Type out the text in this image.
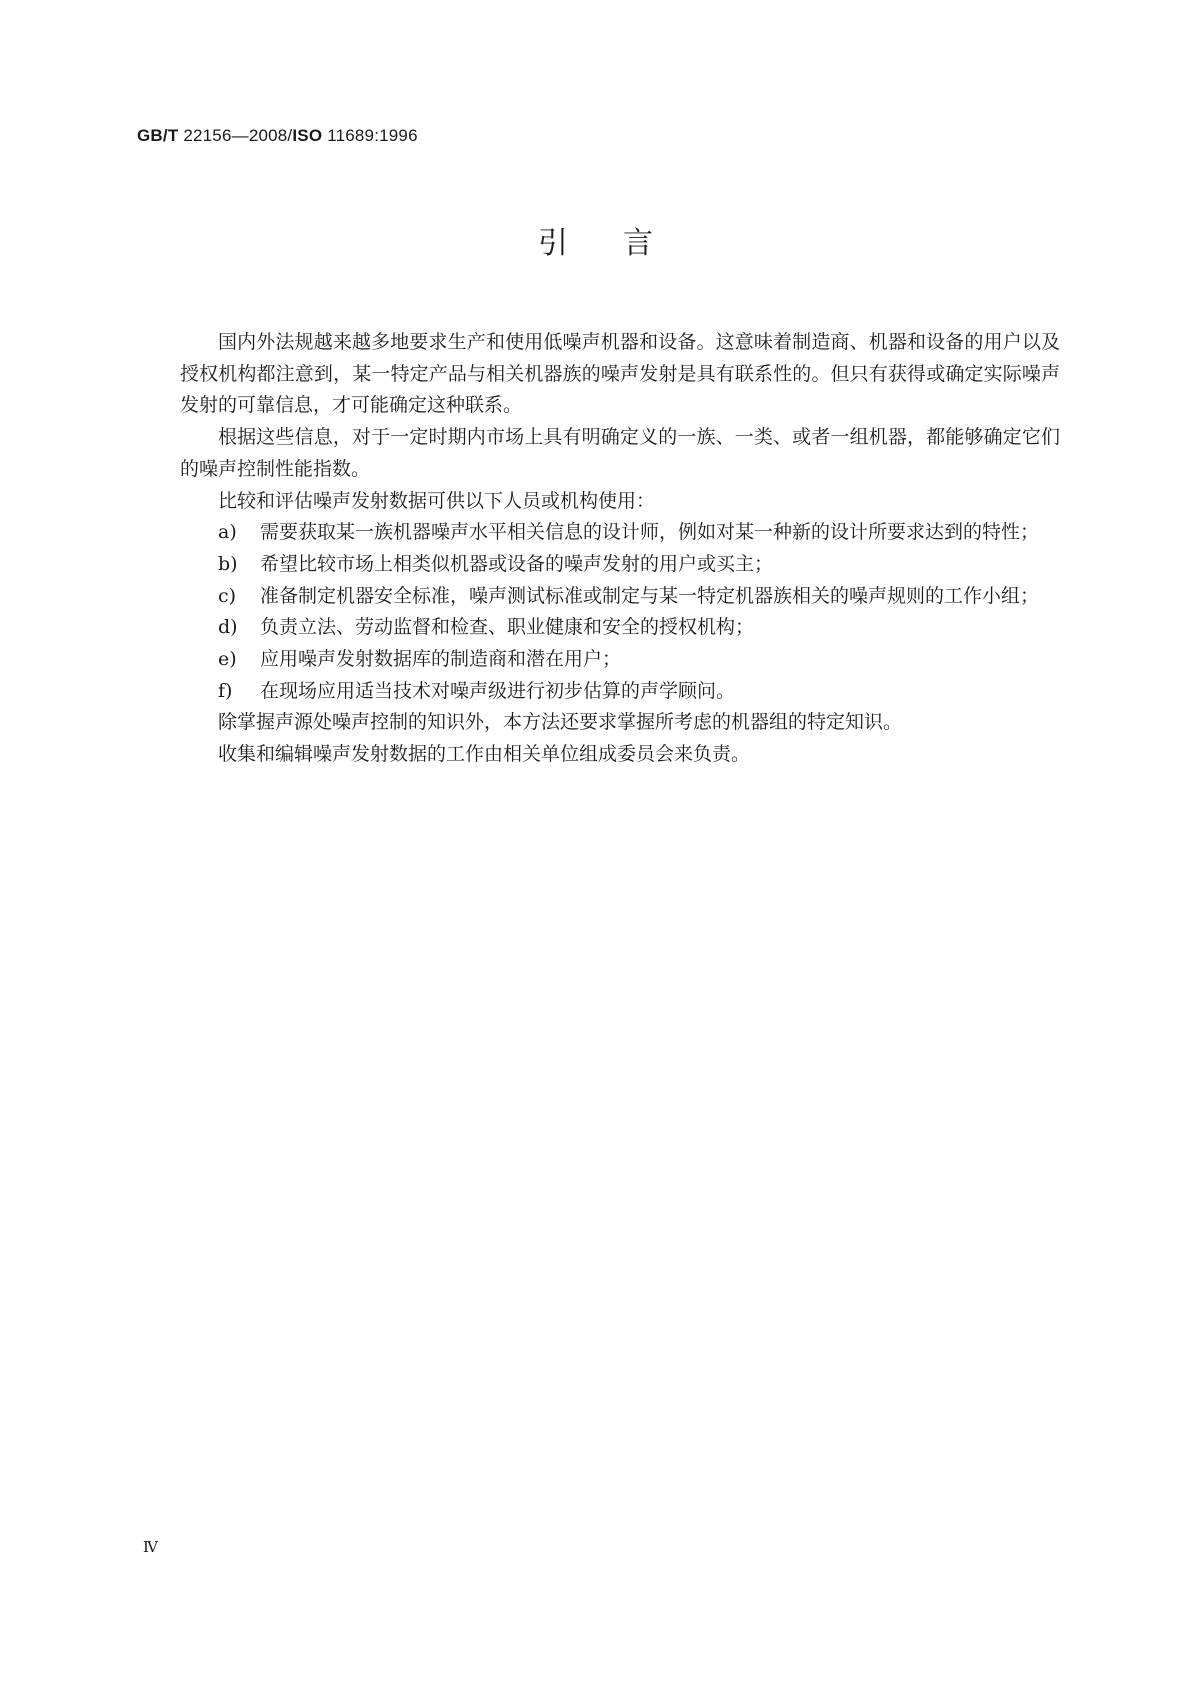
GB/T 22156—2008/ISO 11689:1996
引言

国内外法规越来越多地要求生产和使用低噪声机器和设备。这意味着制造商、机器和设备的用户以及授权机构都注意到，某一特定产品与相关机器族的噪声发射是具有联系性的。但只有获得或确定实际噪声发射的可靠信息，才可能确定这种联系。

根据这些信息，对于一定时期内市场上具有明确定义的一族、一类、或者一组机器，都能够确定它们的噪声控制性能指数。

比较和评估噪声发射数据可供以下人员或机构使用：

a) 需要获取某一族机器噪声水平相关信息的设计师，例如对某一种新的设计所要求达到的特性；
b) 希望比较市场上相类似机器或设备的噪声发射的用户或买主；
c) 准备制定机器安全标准，噪声测试标准或制定与某一特定机器族相关的噪声规则的工作小组；
d) 负责立法、劳动监督和检查、职业健康和安全的授权机构；
e) 应用噪声发射数据库的制造商和潜在用户；
f) 在现场应用适当技术对噪声级进行初步估算的声学顾问。

除掌握声源处噪声控制的知识外，本方法还要求掌握所考虑的机器组的特定知识。

收集和编辑噪声发射数据的工作由相关单位组成委员会来负责。

Ⅳ
